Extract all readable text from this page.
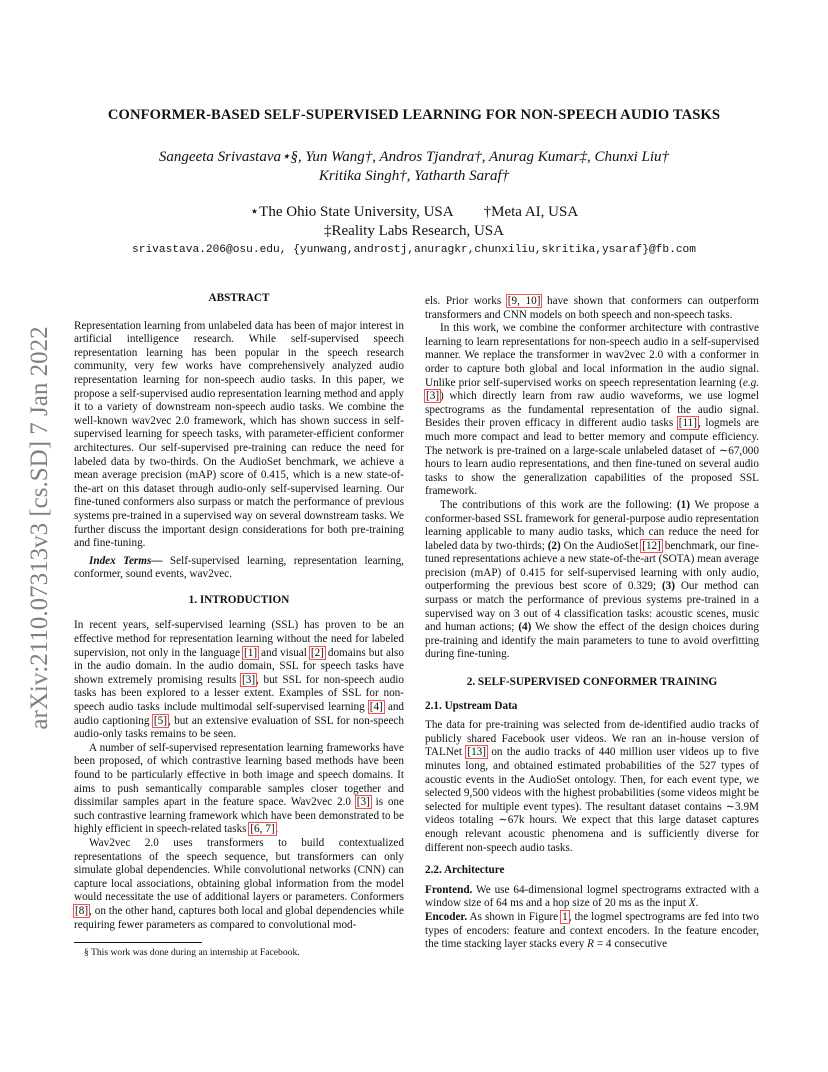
CONFORMER-BASED SELF-SUPERVISED LEARNING FOR NON-SPEECH AUDIO TASKS
Sangeeta Srivastava⋆§, Yun Wang†, Andros Tjandra†, Anurag Kumar‡, Chunxi Liu†
Kritika Singh†, Yatharth Saraf†
⋆The Ohio State University, USA  †Meta AI, USA
‡Reality Labs Research, USA
srivastava.206@osu.edu, {yunwang,androstj,anuragkr,chunxiliu,skritika,ysaraf}@fb.com
arXiv:2110.07313v3 [cs.SD] 7 Jan 2022
ABSTRACT

Representation learning from unlabeled data has been of major interest in artificial intelligence research. While self-supervised speech representation learning has been popular in the speech research community, very few works have comprehensively analyzed audio representation learning for non-speech audio tasks. In this paper, we propose a self-supervised audio representation learning method and apply it to a variety of downstream non-speech audio tasks. We combine the well-known wav2vec 2.0 framework, which has shown success in self-supervised learning for speech tasks, with parameter-efficient conformer architectures. Our self-supervised pre-training can reduce the need for labeled data by two-thirds. On the AudioSet benchmark, we achieve a mean average precision (mAP) score of 0.415, which is a new state-of-the-art on this dataset through audio-only self-supervised learning. Our fine-tuned conformers also surpass or match the performance of previous systems pre-trained in a supervised way on several downstream tasks. We further discuss the important design considerations for both pre-training and fine-tuning.

Index Terms— Self-supervised learning, representation learning, conformer, sound events, wav2vec.

1. INTRODUCTION

In recent years, self-supervised learning (SSL) has proven to be an effective method for representation learning without the need for labeled supervision, not only in the language [1] and visual [2] domains but also in the audio domain. In the audio domain, SSL for speech tasks have shown extremely promising results [3], but SSL for non-speech audio tasks has been explored to a lesser extent. Examples of SSL for non-speech audio tasks include multimodal self-supervised learning [4] and audio captioning [5], but an extensive evaluation of SSL for non-speech audio-only tasks remains to be seen.

A number of self-supervised representation learning frameworks have been proposed, of which contrastive learning based methods have been found to be particularly effective in both image and speech domains. It aims to push semantically comparable samples closer together and dissimilar samples apart in the feature space. Wav2vec 2.0 [3] is one such contrastive learning framework which have been demonstrated to be highly efficient in speech-related tasks [6, 7].

Wav2vec 2.0 uses transformers to build contextualized representations of the speech sequence, but transformers can only simulate global dependencies. While convolutional networks (CNN) can capture local associations, obtaining global information from the model would necessitate the use of additional layers or parameters. Conformers [8], on the other hand, captures both local and global dependencies while requiring fewer parameters as compared to convolutional mod-

§ This work was done during an internship at Facebook.

els. Prior works [9, 10] have shown that conformers can outperform transformers and CNN models on both speech and non-speech tasks.

In this work, we combine the conformer architecture with contrastive learning to learn representations for non-speech audio in a self-supervised manner. We replace the transformer in wav2vec 2.0 with a conformer in order to capture both global and local information in the audio signal. Unlike prior self-supervised works on speech representation learning (e.g. [3]) which directly learn from raw audio waveforms, we use logmel spectrograms as the fundamental representation of the audio signal. Besides their proven efficacy in different audio tasks [11], logmels are much more compact and lead to better memory and compute efficiency. The network is pre-trained on a large-scale unlabeled dataset of ∼67,000 hours to learn audio representations, and then fine-tuned on several audio tasks to show the generalization capabilities of the proposed SSL framework.

The contributions of this work are the following: (1) We propose a conformer-based SSL framework for general-purpose audio representation learning applicable to many audio tasks, which can reduce the need for labeled data by two-thirds; (2) On the AudioSet [12] benchmark, our fine-tuned representations achieve a new state-of-the-art (SOTA) mean average precision (mAP) of 0.415 for self-supervised learning with only audio, outperforming the previous best score of 0.329; (3) Our method can surpass or match the performance of previous systems pre-trained in a supervised way on 3 out of 4 classification tasks: acoustic scenes, music and human actions; (4) We show the effect of the design choices during pre-training and identify the main parameters to tune to avoid overfitting during fine-tuning.

2. SELF-SUPERVISED CONFORMER TRAINING
2.1. Upstream Data

The data for pre-training was selected from de-identified audio tracks of publicly shared Facebook user videos. We ran an in-house version of TALNet [13] on the audio tracks of 440 million user videos up to five minutes long, and obtained estimated probabilities of the 527 types of acoustic events in the AudioSet ontology. Then, for each event type, we selected 9,500 videos with the highest probabilities (some videos might be selected for multiple event types). The resultant dataset contains ∼3.9M videos totaling ∼67k hours. We expect that this large dataset captures enough relevant acoustic phenomena and is sufficiently diverse for different non-speech audio tasks.

2.2. Architecture

Frontend. We use 64-dimensional logmel spectrograms extracted with a window size of 64 ms and a hop size of 20 ms as the input X.

Encoder. As shown in Figure 1, the logmel spectrograms are fed into two types of encoders: feature and context encoders. In the feature encoder, the time stacking layer stacks every R = 4 consecutive
